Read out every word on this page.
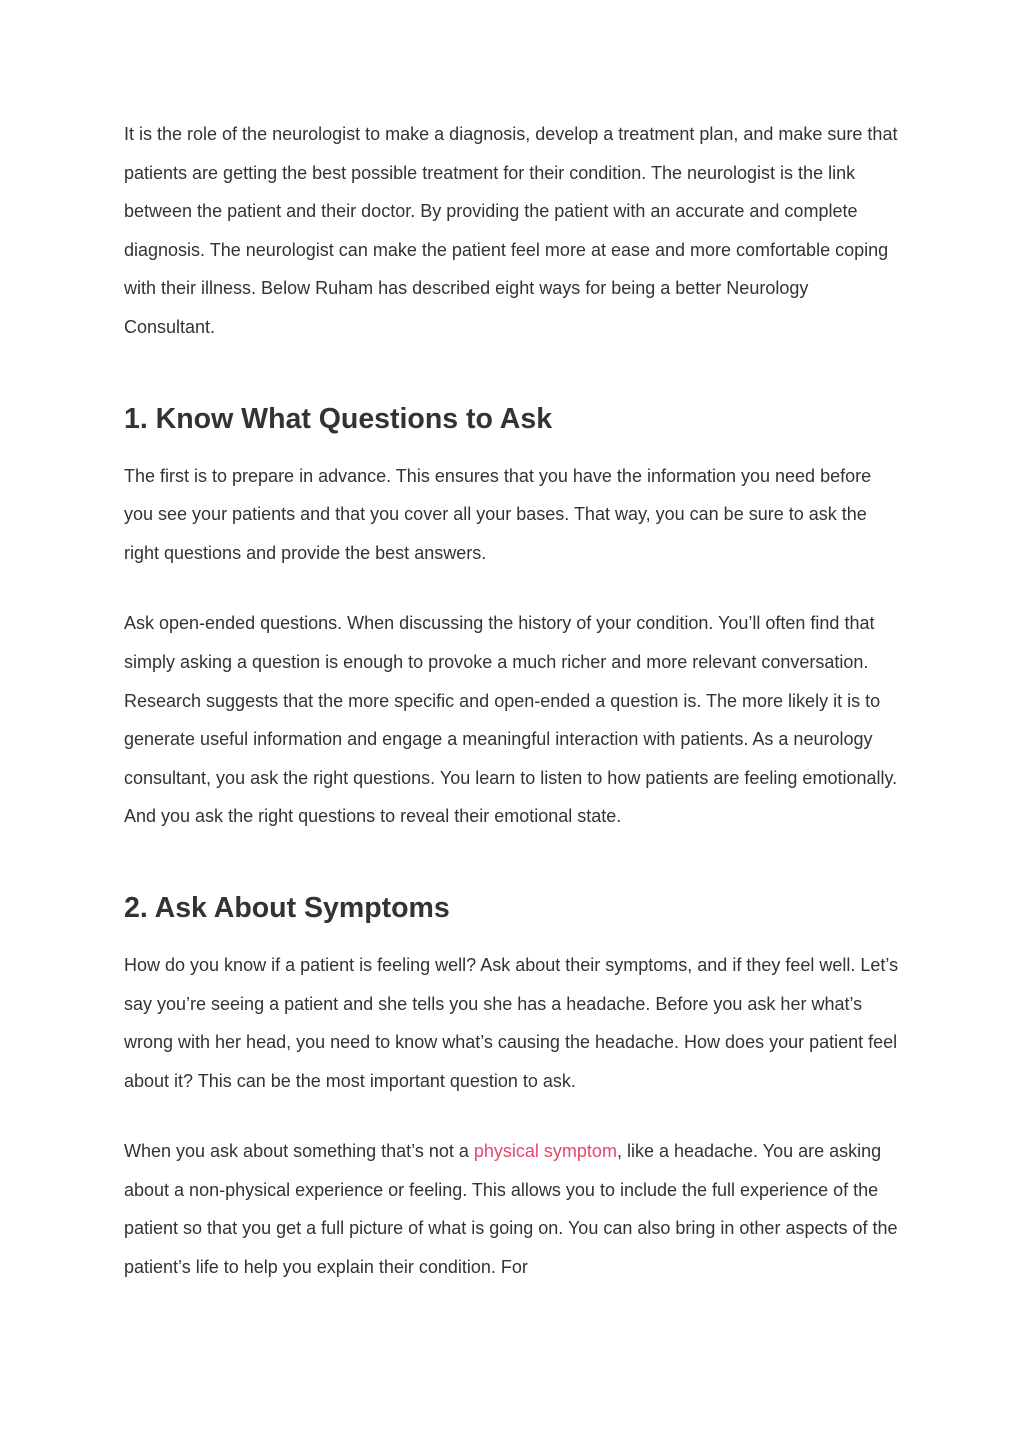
It is the role of the neurologist to make a diagnosis, develop a treatment plan, and make sure that patients are getting the best possible treatment for their condition. The neurologist is the link between the patient and their doctor. By providing the patient with an accurate and complete diagnosis. The neurologist can make the patient feel more at ease and more comfortable coping with their illness. Below Ruham has described eight ways for being a better Neurology Consultant.

1. Know What Questions to Ask

The first is to prepare in advance. This ensures that you have the information you need before you see your patients and that you cover all your bases. That way, you can be sure to ask the right questions and provide the best answers.

Ask open-ended questions. When discussing the history of your condition. You’ll often find that simply asking a question is enough to provoke a much richer and more relevant conversation. Research suggests that the more specific and open-ended a question is. The more likely it is to generate useful information and engage a meaningful interaction with patients. As a neurology consultant, you ask the right questions. You learn to listen to how patients are feeling emotionally. And you ask the right questions to reveal their emotional state.

2. Ask About Symptoms

How do you know if a patient is feeling well? Ask about their symptoms, and if they feel well. Let’s say you’re seeing a patient and she tells you she has a headache. Before you ask her what’s wrong with her head, you need to know what’s causing the headache. How does your patient feel about it? This can be the most important question to ask.

When you ask about something that’s not a physical symptom, like a headache. You are asking about a non-physical experience or feeling. This allows you to include the full experience of the patient so that you get a full picture of what is going on. You can also bring in other aspects of the patient’s life to help you explain their condition. For
